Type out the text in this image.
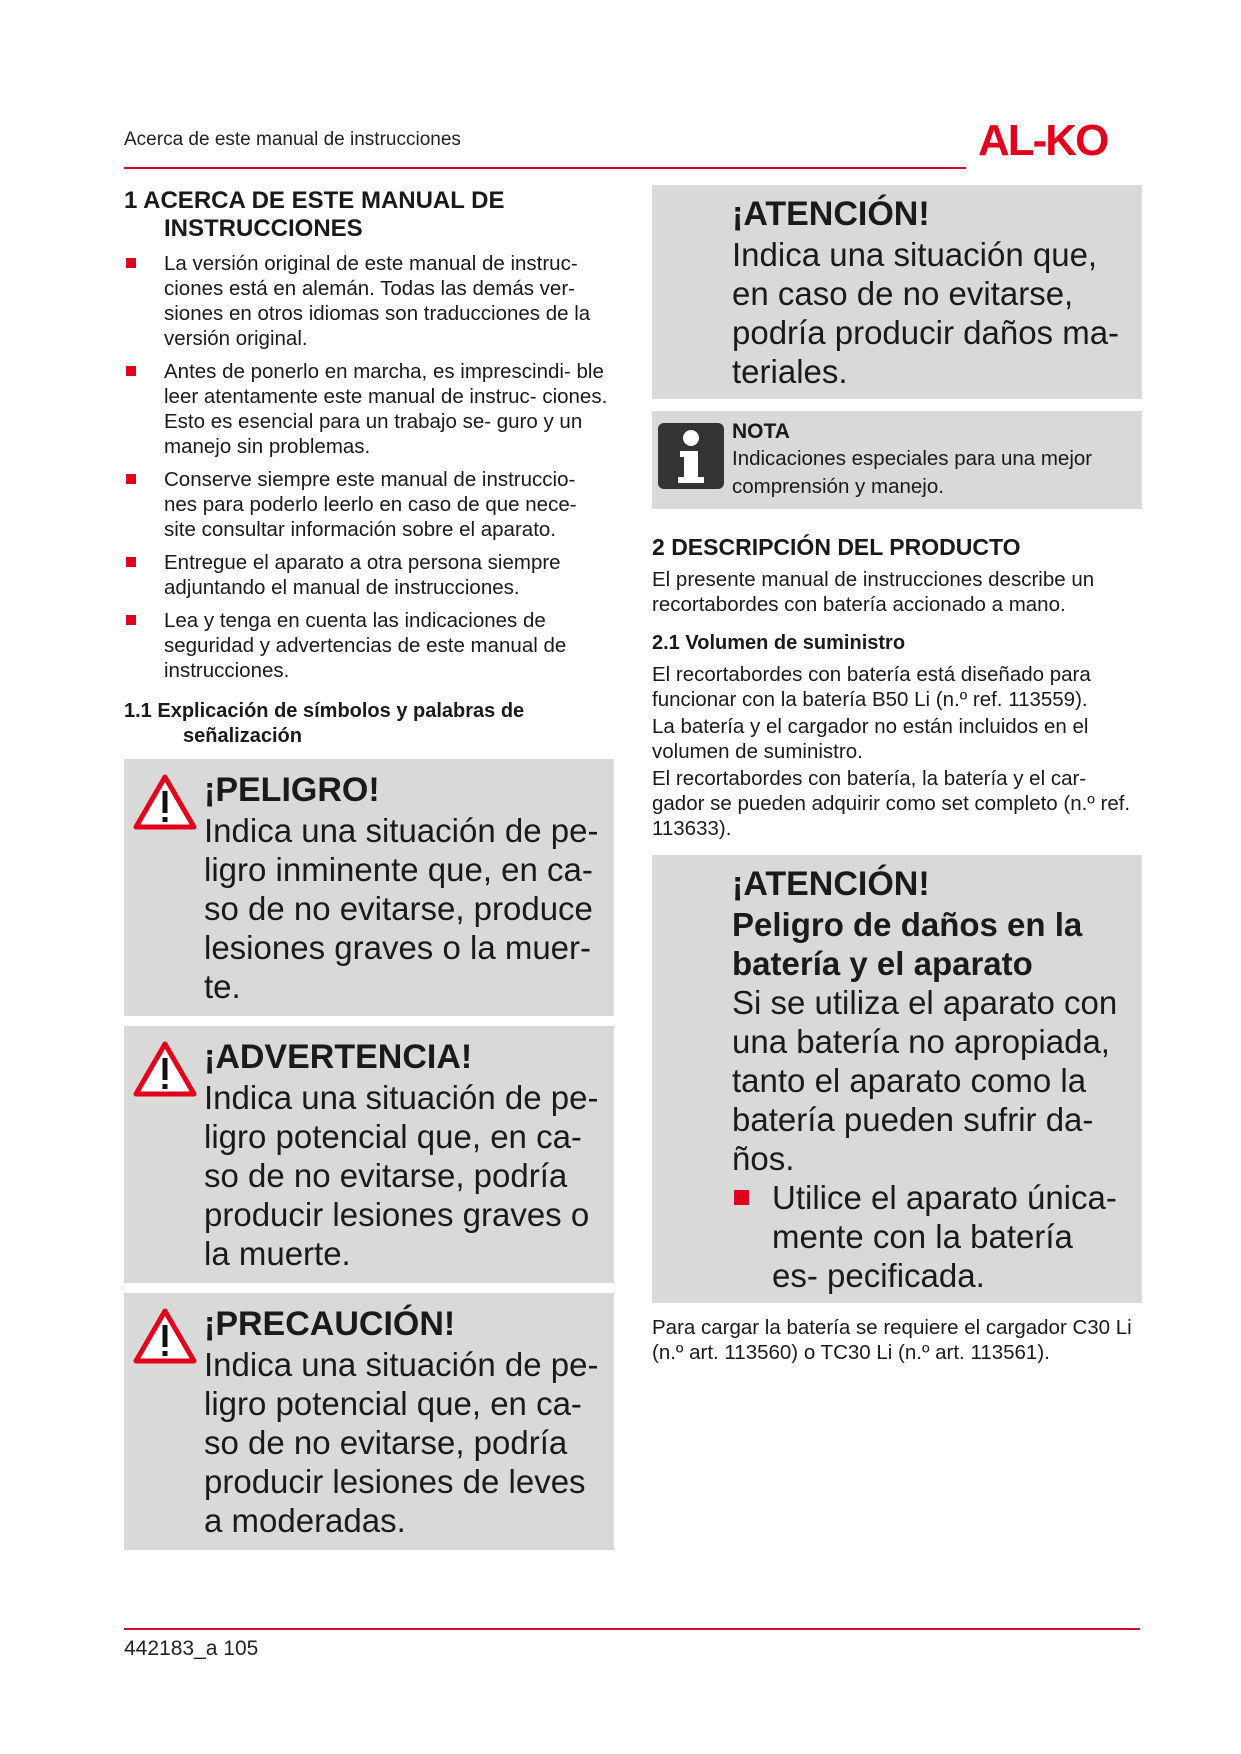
Acerca de este manual de instrucciones	AL-KO
1 ACERCA DE ESTE MANUAL DE
INSTRUCCIONES
La versión original de este manual de instruc- ciones está en alemán. Todas las demás ver- siones en otros idiomas son traducciones de la versión original.
Antes de ponerlo en marcha, es imprescindi- ble leer atentamente este manual de instruc- ciones. Esto es esencial para un trabajo se- guro y un manejo sin problemas.
Conserve siempre este manual de instruccio- nes para poderlo leerlo en caso de que nece- site consultar información sobre el aparato.
Entregue el aparato a otra persona siempre adjuntando el manual de instrucciones.
Lea y tenga en cuenta las indicaciones de seguridad y advertencias de este manual de instrucciones.
1.1 Explicación de símbolos y palabras de
señalización
¡PELIGRO!
Indica una situación de pe- ligro inminente que, en ca- so de no evitarse, produce lesiones graves o la muer- te.
¡ADVERTENCIA!
Indica una situación de pe- ligro potencial que, en ca- so de no evitarse, podría producir lesiones graves o la muerte.
¡PRECAUCIÓN!
Indica una situación de pe- ligro potencial que, en ca- so de no evitarse, podría producir lesiones de leves a moderadas.
¡ATENCIÓN!
Indica una situación que, en caso de no evitarse, podría producir daños ma- teriales.
NOTA
Indicaciones especiales para una mejor comprensión y manejo.
2 DESCRIPCIÓN DEL PRODUCTO

El presente manual de instrucciones describe un recortabordes con batería accionado a mano.

2.1 Volumen de suministro

El recortabordes con batería está diseñado para funcionar con la batería B50 Li (n.º ref. 113559).

La batería y el cargador no están incluidos en el volumen de suministro.

El recortabordes con batería, la batería y el car- gador se pueden adquirir como set completo (n.º ref. 113633).

¡ATENCIÓN!
Peligro de daños en la batería y el aparato
Si se utiliza el aparato con una batería no apropiada, tanto el aparato como la batería pueden sufrir da- ños.
Utilice el aparato única- mente con la batería es- pecificada.

Para cargar la batería se requiere el cargador C30 Li (n.º art. 113560) o TC30 Li (n.º art. 113561).

442183_a 105
